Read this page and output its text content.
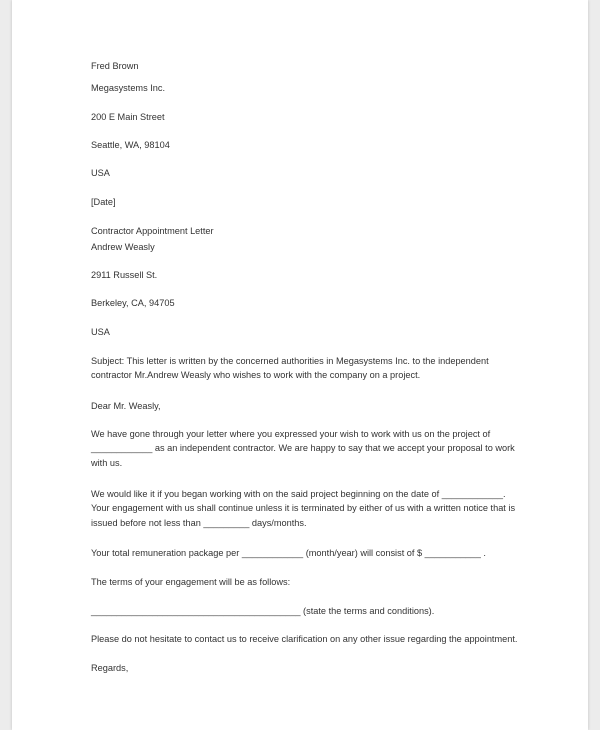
Fred Brown

Megasystems Inc.

200 E Main Street

Seattle, WA, 98104

USA

[Date]

Contractor Appointment Letter

Andrew Weasly

2911 Russell St.

Berkeley, CA, 94705

USA

Subject: This letter is written by the concerned authorities in Megasystems Inc. to the independent contractor Mr.Andrew Weasly who wishes to work with the company on a project.

Dear Mr. Weasly,

We have gone through your letter where you expressed your wish to work with us on the project of ____________ as an independent contractor. We are happy to say that we accept your proposal to work with us.

We would like it if you began working with on the said project beginning on the date of ____________. Your engagement with us shall continue unless it is terminated by either of us with a written notice that is issued before not less than _________ days/months.

Your total remuneration package per ____________ (month/year) will consist of $ ___________ .

The terms of your engagement will be as follows:

_________________________________________ (state the terms and conditions).

Please do not hesitate to contact us to receive clarification on any other issue regarding the appointment.

Regards,
